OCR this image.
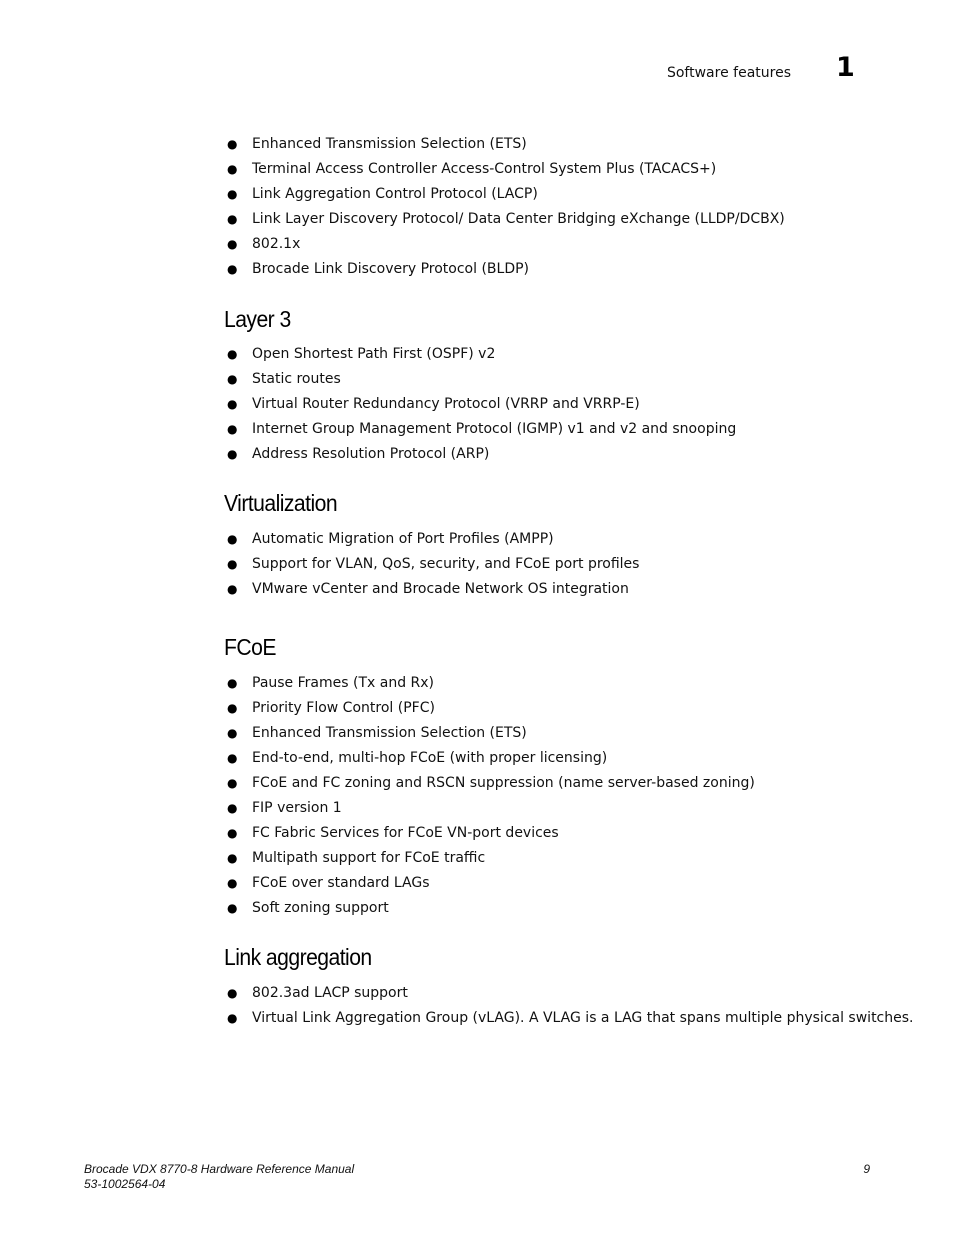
Software features 1
● Enhanced Transmission Selection (ETS)
● Terminal Access Controller Access-Control System Plus (TACACS+)
● Link Aggregation Control Protocol (LACP)
● Link Layer Discovery Protocol/ Data Center Bridging eXchange (LLDP/DCBX)
● 802.1x
● Brocade Link Discovery Protocol (BLDP)
Layer 3
● Open Shortest Path First (OSPF) v2
● Static routes
● Virtual Router Redundancy Protocol (VRRP and VRRP-E)
● Internet Group Management Protocol (IGMP) v1 and v2 and snooping
● Address Resolution Protocol (ARP)
Virtualization
● Automatic Migration of Port Profiles (AMPP)
● Support for VLAN, QoS, security, and FCoE port profiles
● VMware vCenter and Brocade Network OS integration
FCoE
● Pause Frames (Tx and Rx)
● Priority Flow Control (PFC)
● Enhanced Transmission Selection (ETS)
● End-to-end, multi-hop FCoE (with proper licensing)
● FCoE and FC zoning and RSCN suppression (name server-based zoning)
● FIP version 1
● FC Fabric Services for FCoE VN-port devices
● Multipath support for FCoE traffic
● FCoE over standard LAGs
● Soft zoning support
Link aggregation
● 802.3ad LACP support
● Virtual Link Aggregation Group (vLAG). A VLAG is a LAG that spans multiple physical switches.
Brocade VDX 8770-8 Hardware Reference Manual
53-1002564-04
9
